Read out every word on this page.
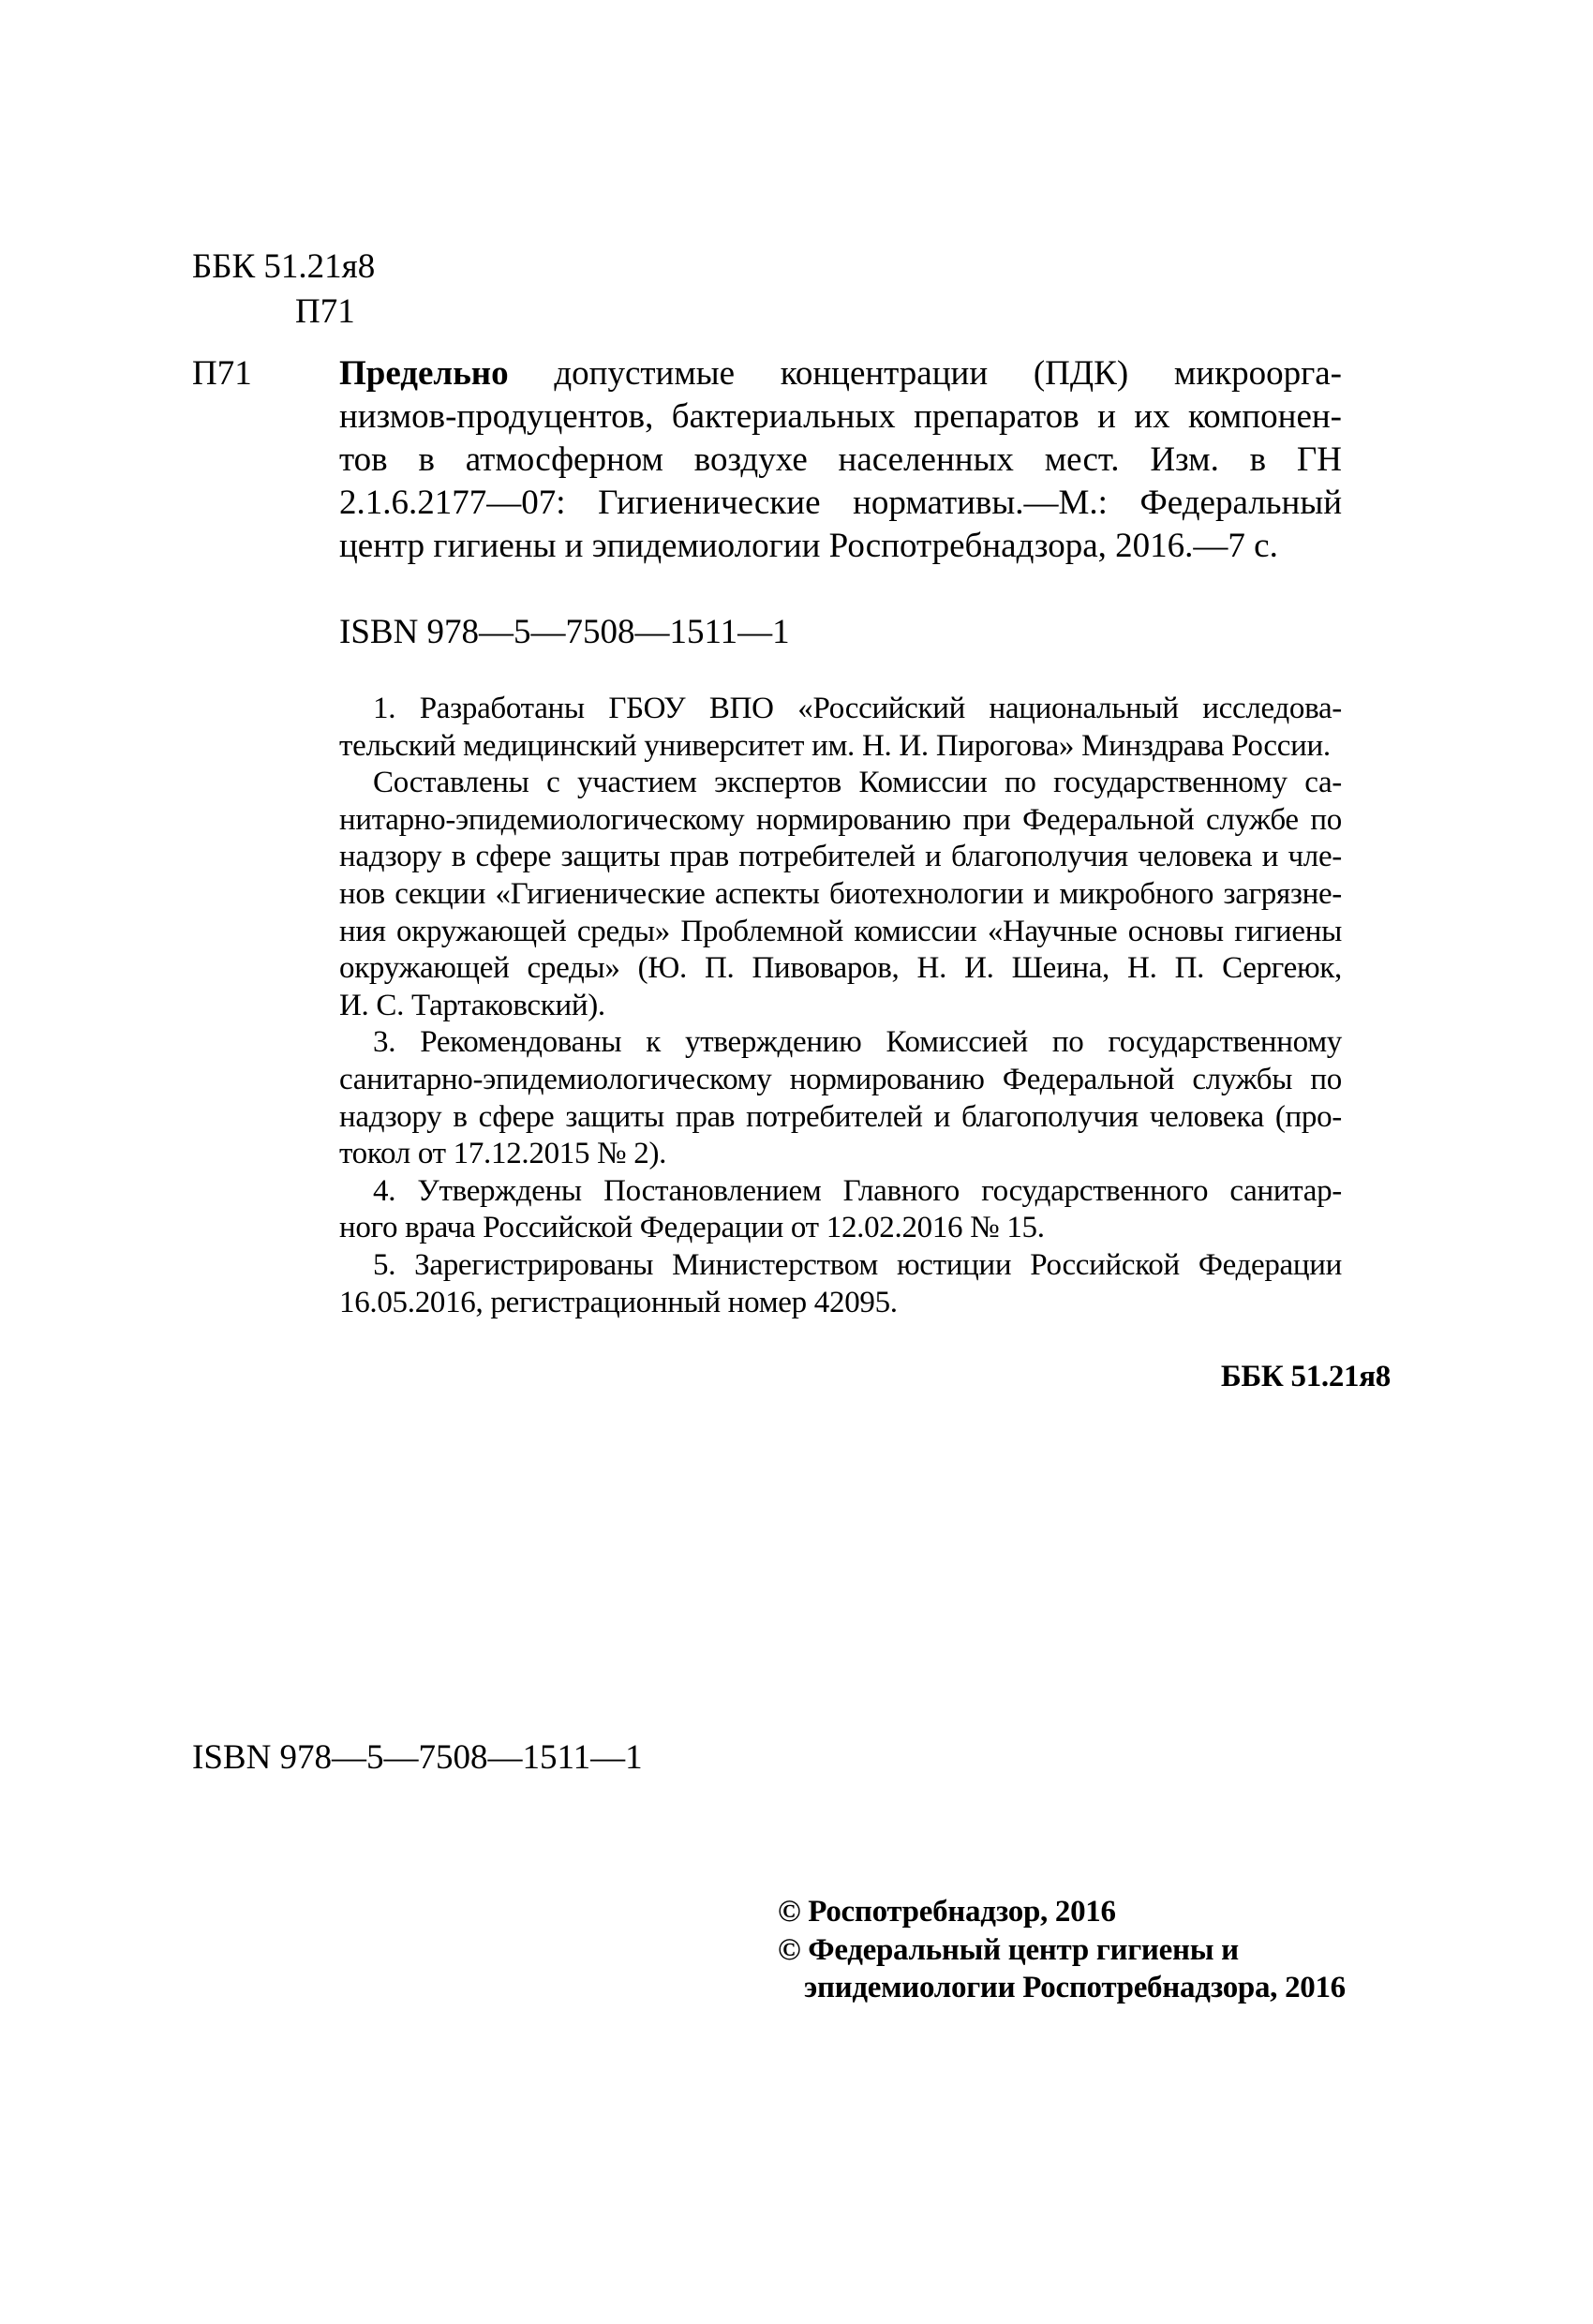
ББК 51.21я8
П71
П71	Предельно допустимые концентрации (ПДК) микроорга-
низмов-продуцентов, бактериальных препаратов и их компонен-
тов в атмосферном воздухе населенных мест. Изм. в ГН
2.1.6.2177—07: Гигиенические нормативы.—М.: Федеральный
центр гигиены и эпидемиологии Роспотребнадзора, 2016.—7 с.
ISBN 978—5—7508—1511—1
1. Разработаны ГБОУ ВПО «Российский национальный исследова-
тельский медицинский университет им. Н. И. Пирогова» Минздрава России.
Составлены с участием экспертов Комиссии по государственному са-
нитарно-эпидемиологическому нормированию при Федеральной службе по
надзору в сфере защиты прав потребителей и благополучия человека и чле-
нов секции «Гигиенические аспекты биотехнологии и микробного загрязне-
ния окружающей среды» Проблемной комиссии «Научные основы гигиены
окружающей среды» (Ю. П. Пивоваров, Н. И. Шеина, Н. П. Сергеюк,
И. С. Тартаковский).
3. Рекомендованы к утверждению Комиссией по государственному
санитарно-эпидемиологическому нормированию Федеральной службы по
надзору в сфере защиты прав потребителей и благополучия человека (про-
токол от 17.12.2015 № 2).
4. Утверждены Постановлением Главного государственного санитар-
ного врача Российской Федерации от 12.02.2016 № 15.
5. Зарегистрированы Министерством юстиции Российской Федерации
16.05.2016, регистрационный номер 42095.
ББК 51.21я8
ISBN 978—5—7508—1511—1
© Роспотребнадзор, 2016
© Федеральный центр гигиены и
эпидемиологии Роспотребнадзора, 2016
